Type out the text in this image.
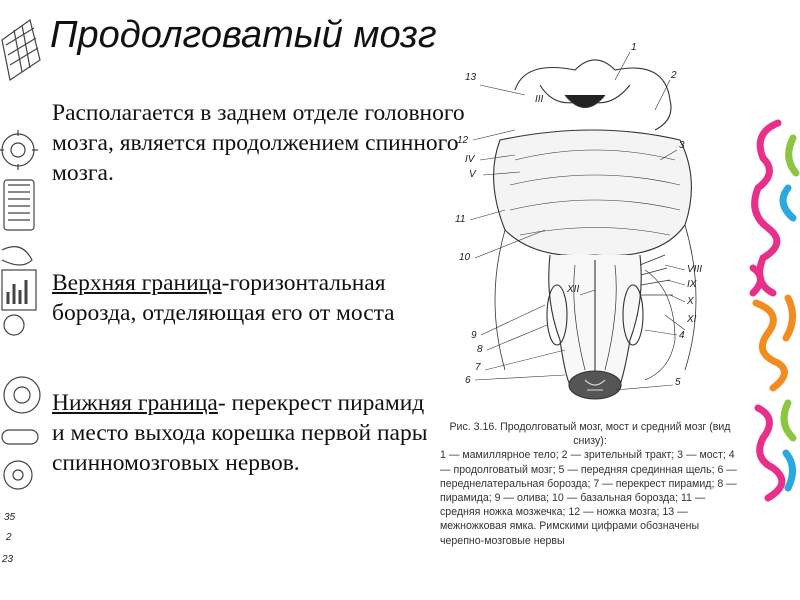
35
2
23
Продолговатый мозг
Располагается в заднем отделе головного мозга, является продолжением спинного мозга.
Верхняя граница-горизонтальная борозда, отделяющая его от моста
Нижняя граница- перекрест пирамид и место выхода корешка первой пары спинномозговых нервов.
1
2
3
4
5
6
7
8
9
10
11
12
13
III
IV
V
VIII
IX
X
XI
XII
Рис. 3.16. Продолговатый мозг, мост и средний мозг (вид снизу):
1 — мамиллярное тело; 2 — зрительный тракт; 3 — мост; 4 — продолговатый мозг; 5 — передняя срединная щель; 6 — переднелатеральная борозда; 7 — перекрест пирамид; 8 — пирамида; 9 — олива; 10 — базальная борозда; 11 — средняя ножка мозжечка; 12 — ножка мозга; 13 — межножковая ямка. Римскими цифрами обозначены черепно-мозговые нервы
